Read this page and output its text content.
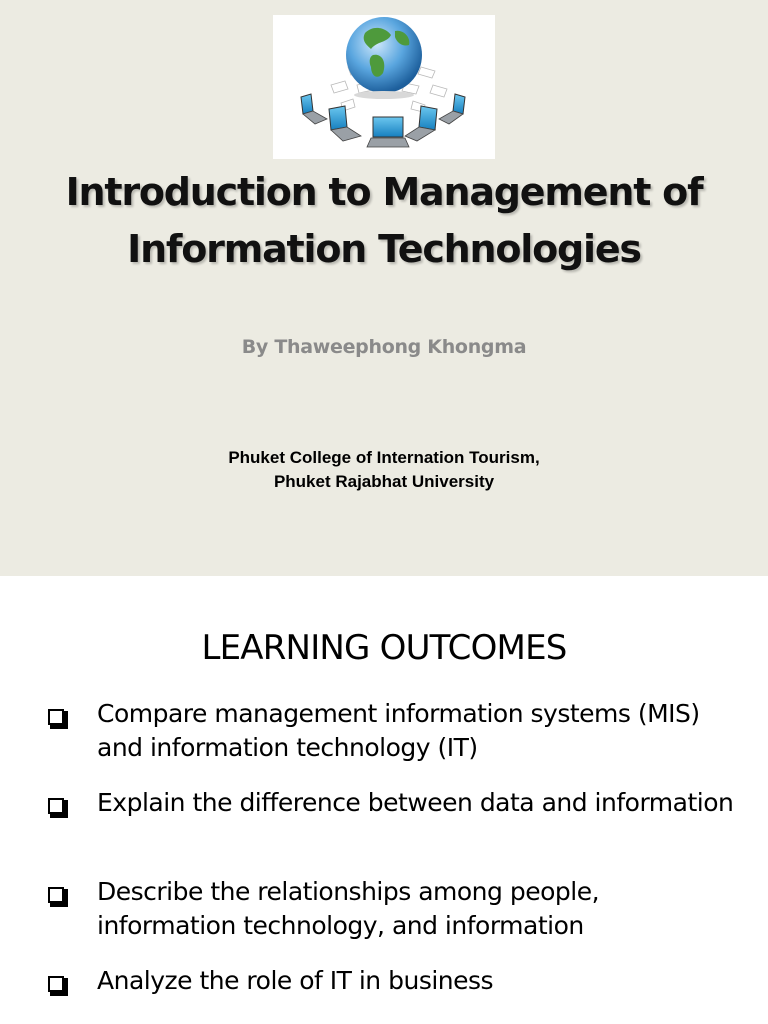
Introduction to Management of Information Technologies
By Thaweephong Khongma
Phuket College of Internation Tourism,
Phuket Rajabhat University
LEARNING OUTCOMES
Compare management information systems (MIS) and information technology (IT)
Explain the difference between data and information
Describe the relationships among people, information technology, and information
Analyze the role of IT in business
